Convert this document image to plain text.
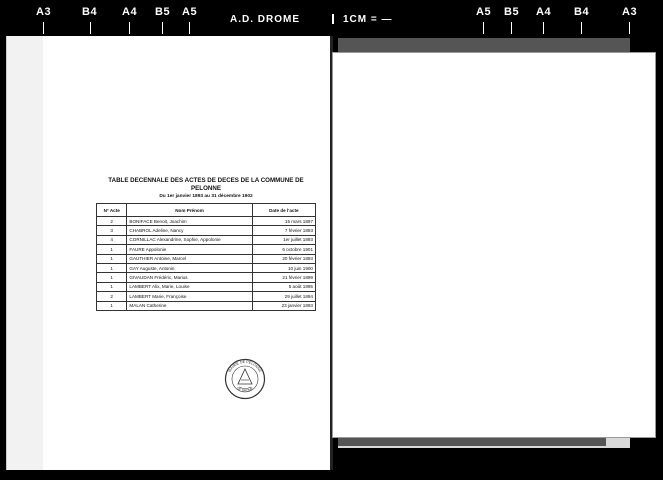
A3	B4 A4 B5 A5
A.D. DROME	1CM = —
A5 B5 A4 B4	A3
TABLE DECENNALE DES ACTES DE DECES DE LA COMMUNE DE
PELONNE
Du 1er janvier 1893 au 31 décembre 1902
N° Acte	Nom Prénom	Date de l'acte
2	BONIFACE Benoit, Joachim	15 mars 1897
3	CHABROL Adeline, Nancy	7 février 1893
4	CORNILLAC Alexandrine, Sophie, Appolonie	1er juillet 1893
1	FAURE Appolonie	6 octobre 1901
1	GAUTHIER Antoine, Marcel	20 février 1893
1	GAY Auguste, Antonin	10 juin 1900
1	GIVAUDAN Frédéric, Marius	21 février 1899
1	LAMBERT Alix, Marie, Louise	5 août 1895
2	LAMBERT Marie, Françoise	29 juillet 1894
1	MALAN Catherine	23 janvier 1893
MAIRIE DE PELONNE
DE DROME
